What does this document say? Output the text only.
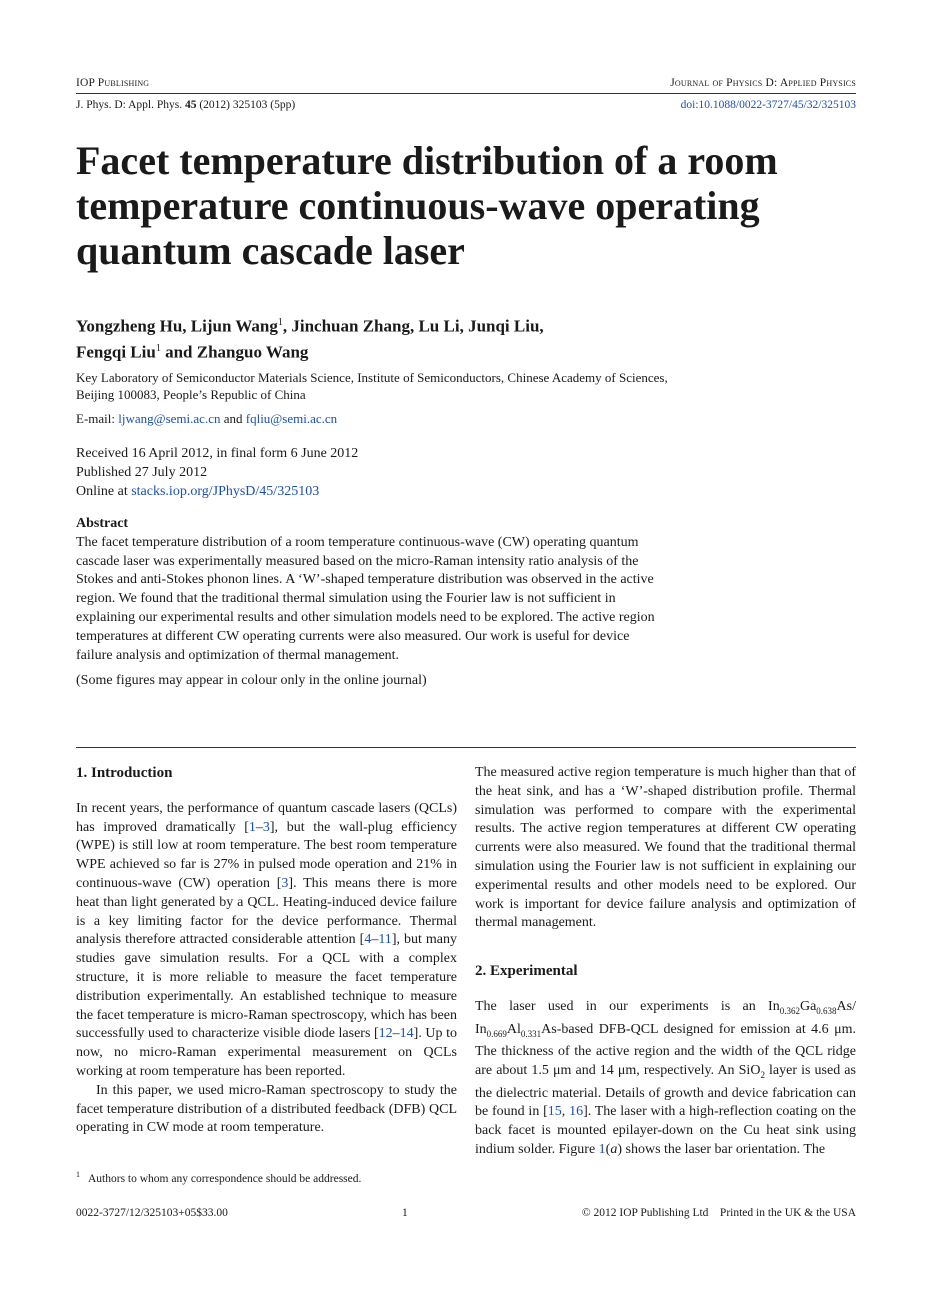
IOP Publishing	Journal of Physics D: Applied Physics
J. Phys. D: Appl. Phys. 45 (2012) 325103 (5pp)	doi:10.1088/0022-3727/45/32/325103
Facet temperature distribution of a room temperature continuous-wave operating quantum cascade laser
Yongzheng Hu, Lijun Wang$^1$, Jinchuan Zhang, Lu Li, Junqi Liu,
Fengqi Liu$^1$ and Zhanguo Wang
Key Laboratory of Semiconductor Materials Science, Institute of Semiconductors, Chinese Academy of Sciences, Beijing 100083, People’s Republic of China
E-mail: ljwang@semi.ac.cn and fqliu@semi.ac.cn
Received 16 April 2012, in final form 6 June 2012
Published 27 July 2012
Online at stacks.iop.org/JPhysD/45/325103
Abstract

The facet temperature distribution of a room temperature continuous-wave (CW) operating quantum cascade laser was experimentally measured based on the micro-Raman intensity ratio analysis of the Stokes and anti-Stokes phonon lines. A ‘W’-shaped temperature distribution was observed in the active region. We found that the traditional thermal simulation using the Fourier law is not sufficient in explaining our experimental results and other simulation models need to be explored. The active region temperatures at different CW operating currents were also measured. Our work is useful for device failure analysis and optimization of thermal management.

(Some figures may appear in colour only in the online journal)

1. Introduction

In recent years, the performance of quantum cascade lasers (QCLs) has improved dramatically [1–3], but the wall-plug efficiency (WPE) is still low at room temperature. The best room temperature WPE achieved so far is 27% in pulsed mode operation and 21% in continuous-wave (CW) operation [3]. This means there is more heat than light generated by a QCL. Heating-induced device failure is a key limiting factor for the device performance. Thermal analysis therefore attracted considerable attention [4–11], but many studies gave simulation results. For a QCL with a complex structure, it is more reliable to measure the facet temperature distribution experimentally. An established technique to measure the facet temperature is micro-Raman spectroscopy, which has been successfully used to characterize visible diode lasers [12–14]. Up to now, no micro-Raman experimental measurement on QCLs working at room temperature has been reported.

In this paper, we used micro-Raman spectroscopy to study the facet temperature distribution of a distributed feedback (DFB) QCL operating in CW mode at room temperature.

The measured active region temperature is much higher than that of the heat sink, and has a ‘W’-shaped distribution profile. Thermal simulation was performed to compare with the experimental results. The active region temperatures at different CW operating currents were also measured. We found that the traditional thermal simulation using the Fourier law is not sufficient in explaining our experimental results and other models need to be explored. Our work is important for device failure analysis and optimization of thermal management.

2. Experimental

The laser used in our experiments is an $In_{0.362}Ga_{0.638}As/$ $In_{0.669}Al_{0.331}As$-based DFB-QCL designed for emission at 4.6 μm. The thickness of the active region and the width of the QCL ridge are about 1.5 μm and 14 μm, respectively. An SiO$_2$ layer is used as the dielectric material. Details of growth and device fabrication can be found in [15, 16]. The laser with a high-reflection coating on the back facet is mounted epilayer-down on the Cu heat sink using indium solder. Figure 1(a) shows the laser bar orientation. The

$^1$ Authors to whom any correspondence should be addressed.
0022-3727/12/325103+05$33.00	1	© 2012 IOP Publishing Ltd    Printed in the UK & the USA
